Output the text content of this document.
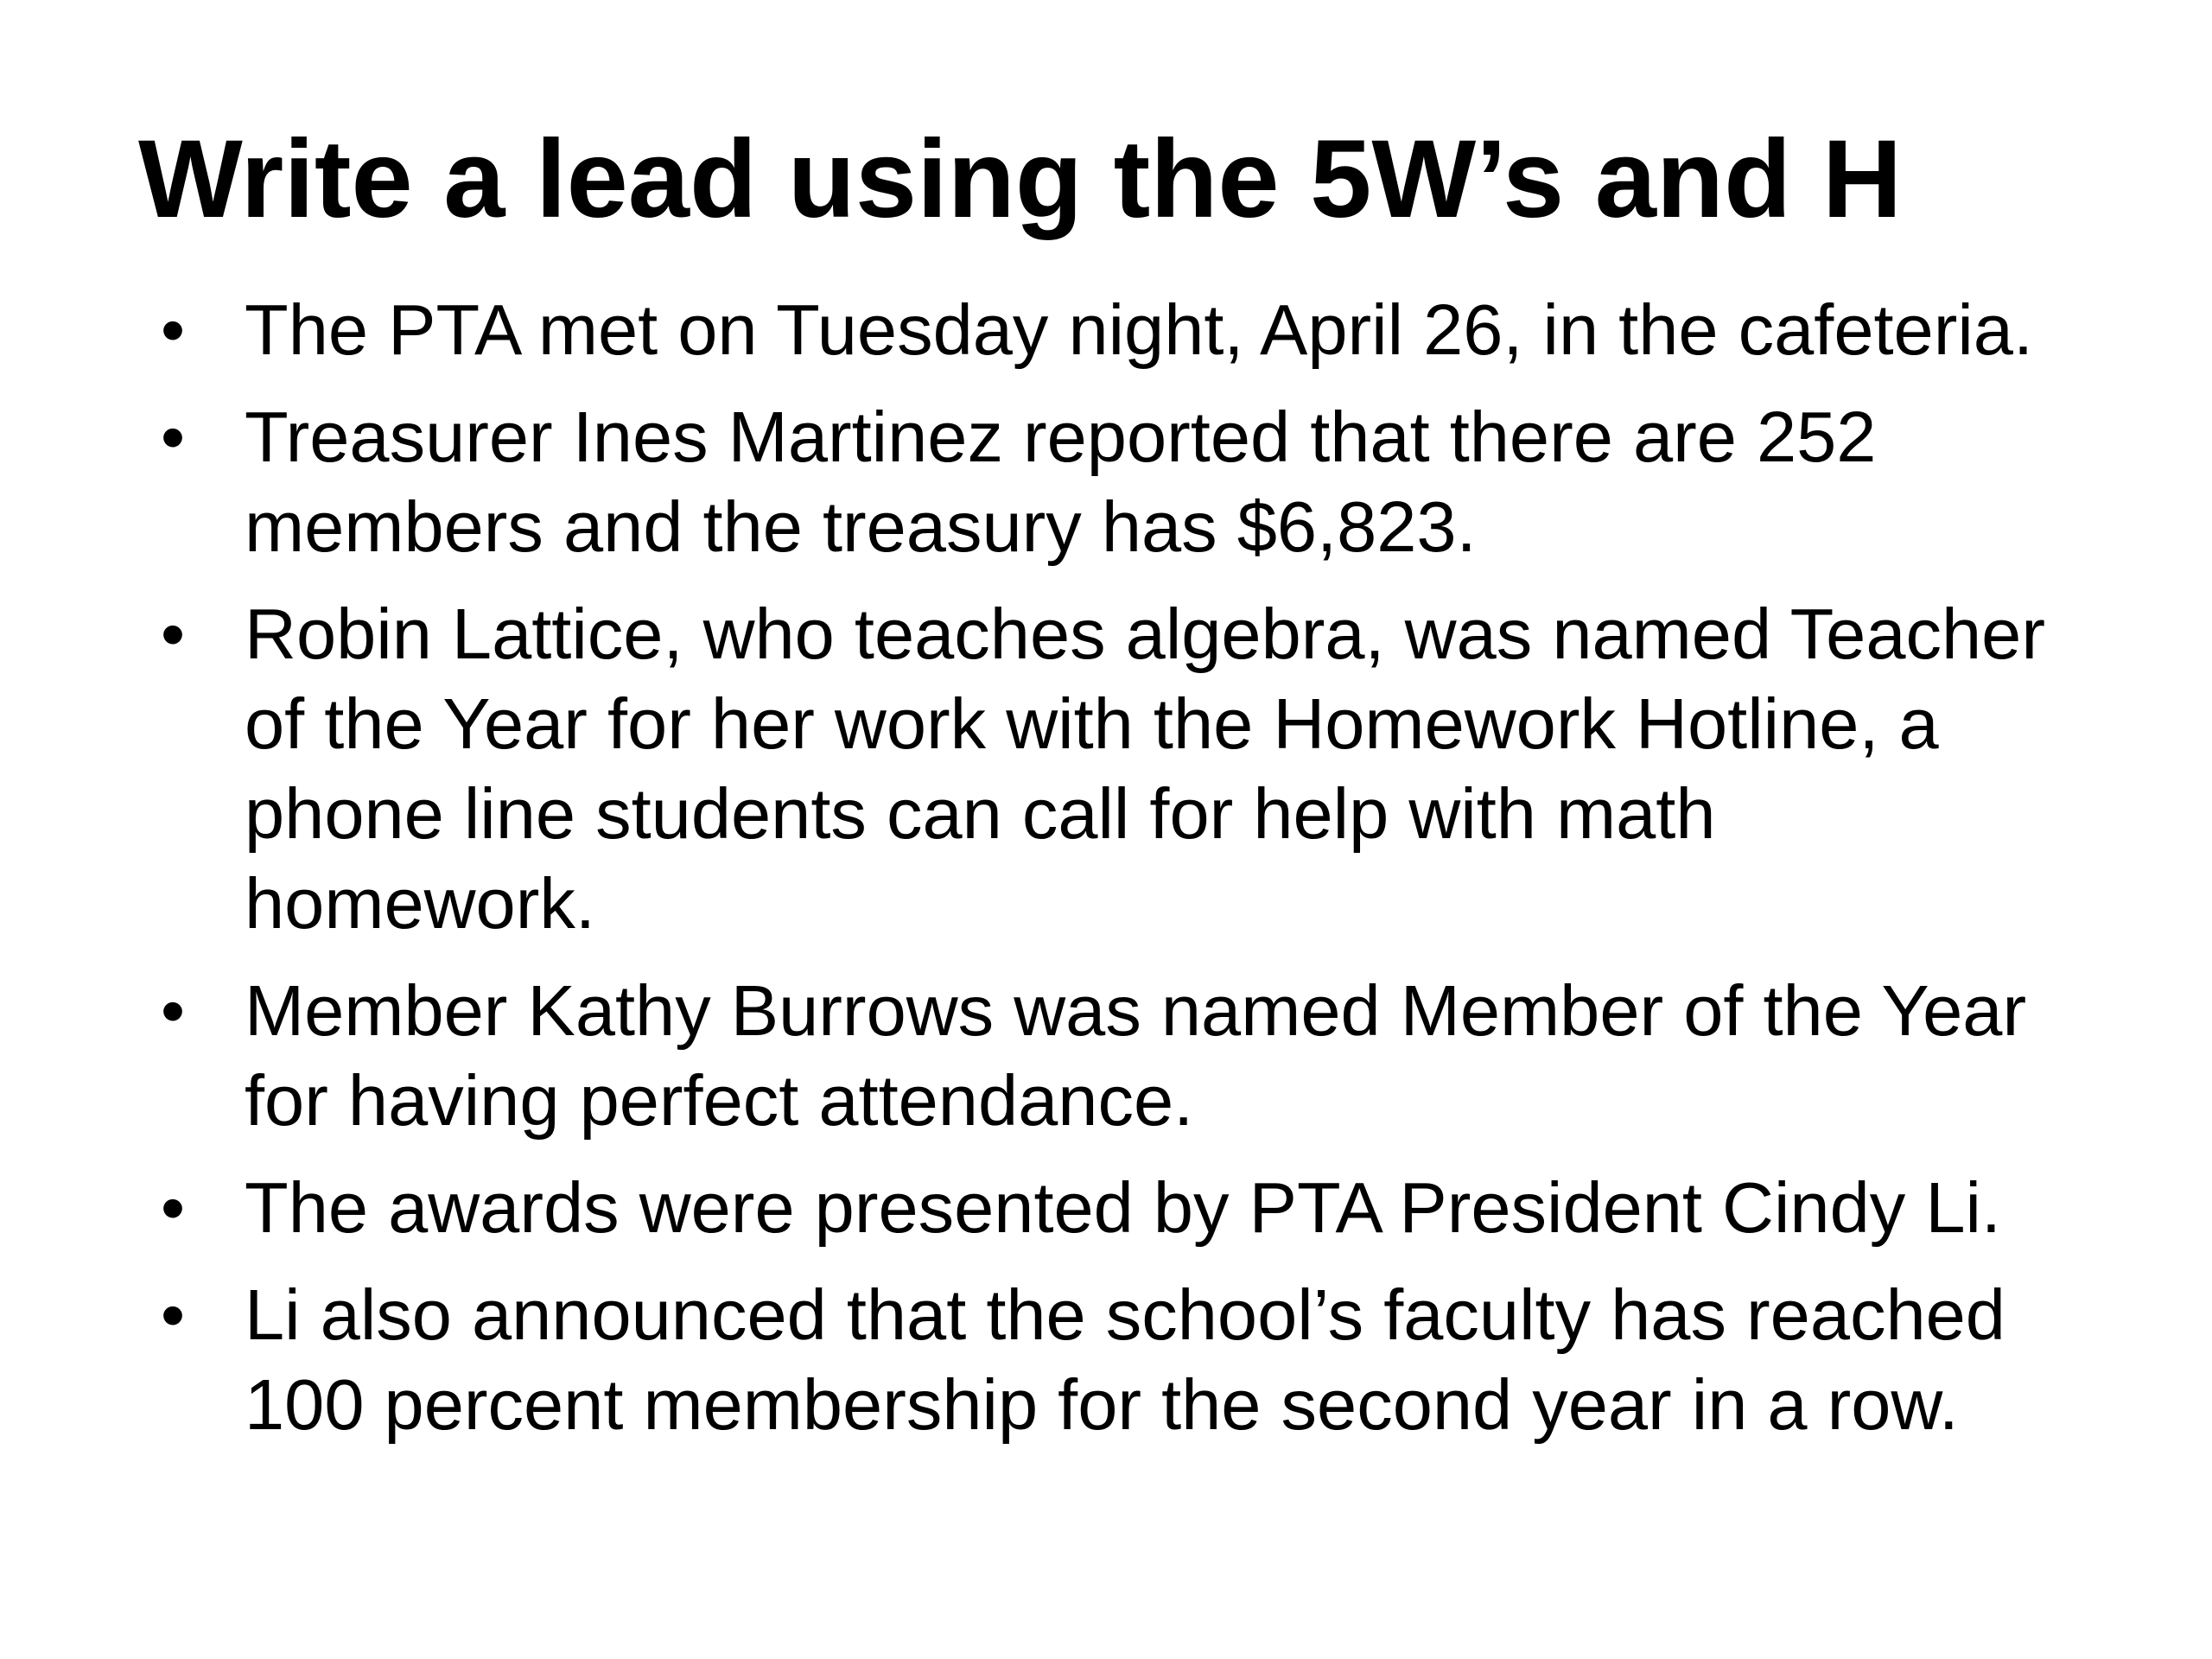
Write a lead using the 5W’s and H
• The PTA met on Tuesday night, April 26, in the cafeteria.
• Treasurer Ines Martinez reported that there are 252
members and the treasury has $6,823.
• Robin Lattice, who teaches algebra, was named Teacher
of the Year for her work with the Homework Hotline, a
phone line students can call for help with math
homework.
• Member Kathy Burrows was named Member of the Year
for having perfect attendance.
• The awards were presented by PTA President Cindy Li.
• Li also announced that the school’s faculty has reached
100 percent membership for the second year in a row.
